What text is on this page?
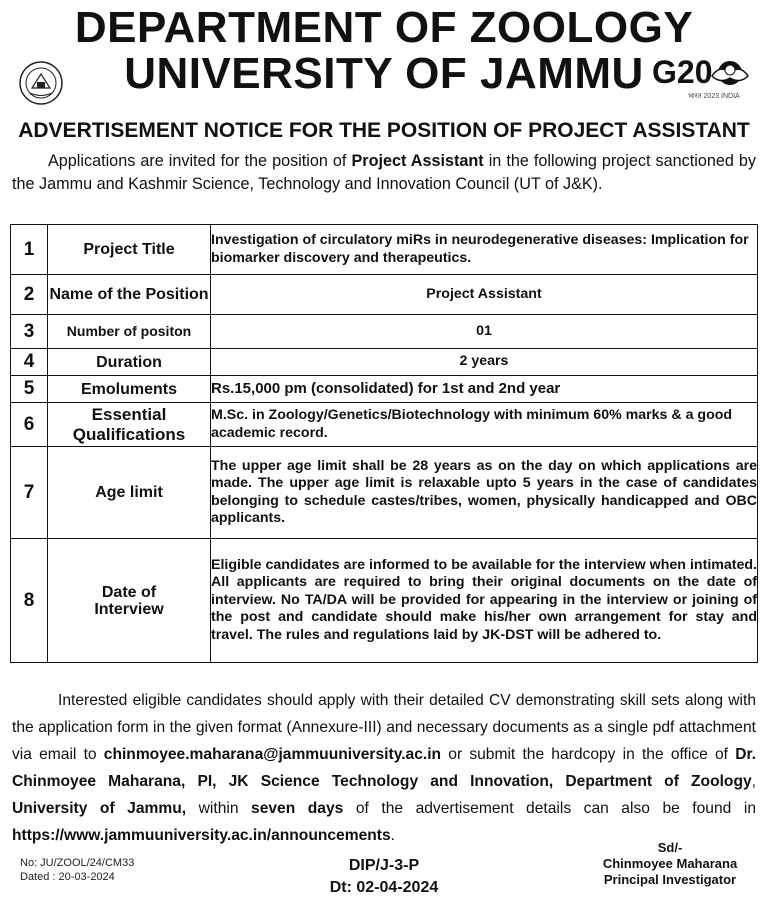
DEPARTMENT OF ZOOLOGY
UNIVERSITY OF JAMMU G20
भारत 2023 INDIA
ADVERTISEMENT NOTICE FOR THE POSITION OF PROJECT ASSISTANT

Applications are invited for the position of Project Assistant in the following project sanctioned by the Jammu and Kashmir Science, Technology and Innovation Council (UT of J&K).

1	Project Title	Investigation of circulatory miRs in neurodegenerative diseases: Implication for biomarker discovery and therapeutics.
2	Name of the Position	Project Assistant
3	Number of positon	01
4	Duration	2 years
5	Emoluments	Rs.15,000 pm (consolidated) for 1st and 2nd year
6	Essential Qualifications	M.Sc. in Zoology/Genetics/Biotechnology with minimum 60% marks & a good academic record.
7	Age limit	The upper age limit shall be 28 years as on the day on which applications are made. The upper age limit is relaxable upto 5 years in the case of candidates belonging to schedule castes/tribes, women, physically handicapped and OBC applicants.
8	Date of Interview	Eligible candidates are informed to be available for the interview when intimated. All applicants are required to bring their original documents on the date of interview. No TA/DA will be provided for appearing in the interview or joining of the post and candidate should make his/her own arrangement for stay and travel. The rules and regulations laid by JK-DST will be adhered to.

Interested eligible candidates should apply with their detailed CV demonstrating skill sets along with the application form in the given format (Annexure-III) and necessary documents as a single pdf attachment via email to chinmoyee.maharana@jammuuniversity.ac.in or submit the hardcopy in the office of Dr. Chinmoyee Maharana, PI, JK Science Technology and Innovation, Department of Zoology, University of Jammu, within seven days of the advertisement details can also be found in https://www.jammuuniversity.ac.in/announcements.

No: JU/ZOOL/24/CM33
Dated : 20-03-2024
DIP/J-3-P
Dt: 02-04-2024
Sd/-
Chinmoyee Maharana
Principal Investigator
